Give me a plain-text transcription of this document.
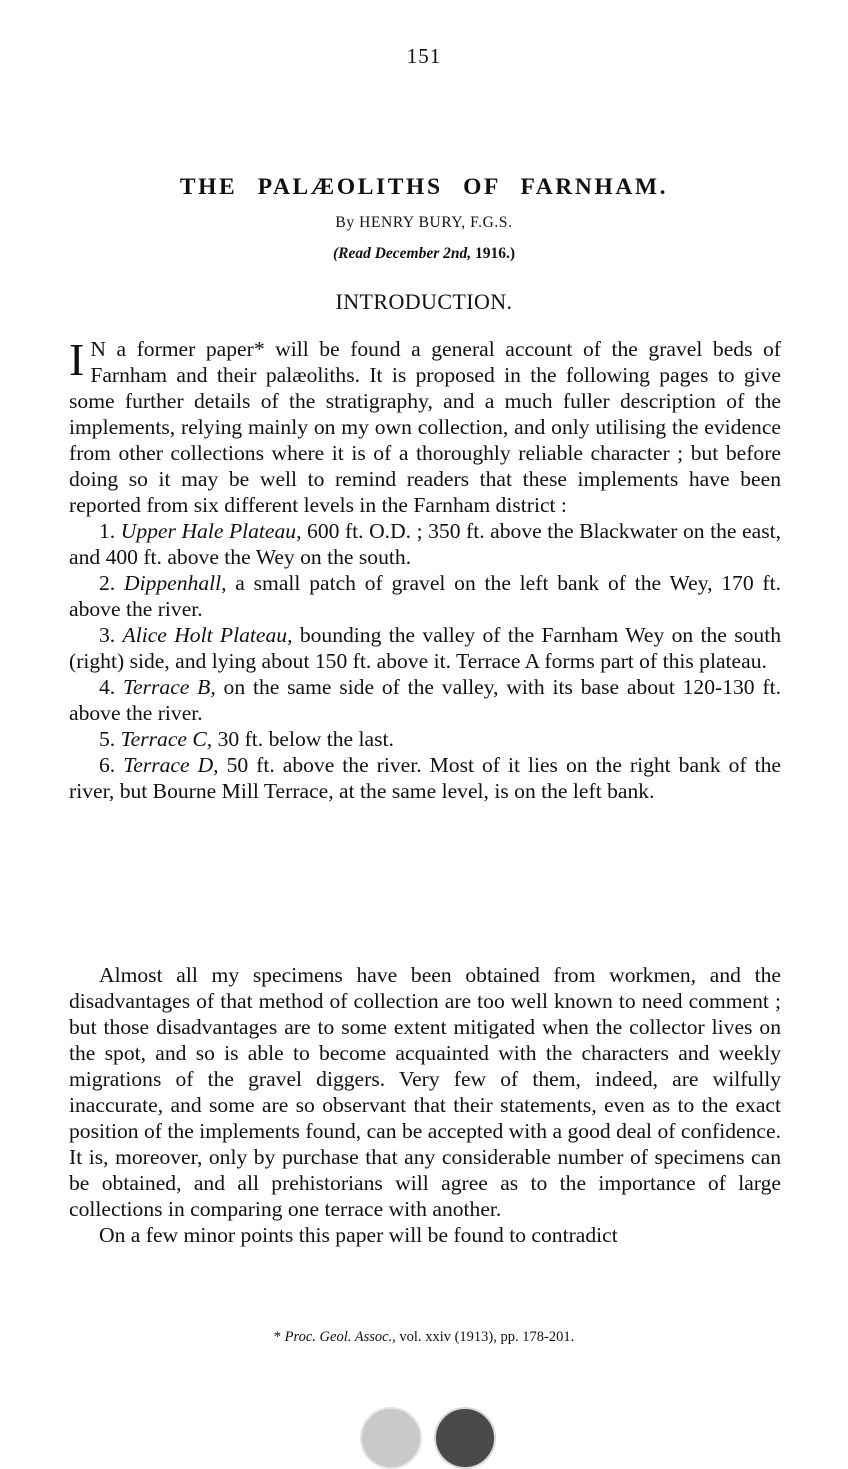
151
THE PALÆOLITHS OF FARNHAM.
By HENRY BURY, F.G.S.
(Read December 2nd, 1916.)
INTRODUCTION.

I N a former paper* will be found a general account of the gravel beds of Farnham and their palæoliths. It is proposed in the following pages to give some further details of the stratigraphy, and a much fuller description of the implements, relying mainly on my own collection, and only utilising the evidence from other collections where it is of a thoroughly reliable character ; but before doing so it may be well to remind readers that these implements have been reported from six different levels in the Farnham district :

1. Upper Hale Plateau, 600 ft. O.D. ; 350 ft. above the Blackwater on the east, and 400 ft. above the Wey on the south.

2. Dippenhall, a small patch of gravel on the left bank of the Wey, 170 ft. above the river.

3. Alice Holt Plateau, bounding the valley of the Farnham Wey on the south (right) side, and lying about 150 ft. above it. Terrace A forms part of this plateau.

4. Terrace B, on the same side of the valley, with its base about 120-130 ft. above the river.

5. Terrace C, 30 ft. below the last.

6. Terrace D, 50 ft. above the river. Most of it lies on the right bank of the river, but Bourne Mill Terrace, at the same level, is on the left bank.

Almost all my specimens have been obtained from workmen, and the disadvantages of that method of collection are too well known to need comment ; but those disadvantages are to some extent mitigated when the collector lives on the spot, and so is able to become acquainted with the characters and weekly migrations of the gravel diggers. Very few of them, indeed, are wilfully inaccurate, and some are so observant that their statements, even as to the exact position of the implements found, can be accepted with a good deal of confidence. It is, moreover, only by purchase that any considerable number of specimens can be obtained, and all prehistorians will agree as to the importance of large collections in comparing one terrace with another.

On a few minor points this paper will be found to contradict

* Proc. Geol. Assoc., vol. xxiv (1913), pp. 178-201.
